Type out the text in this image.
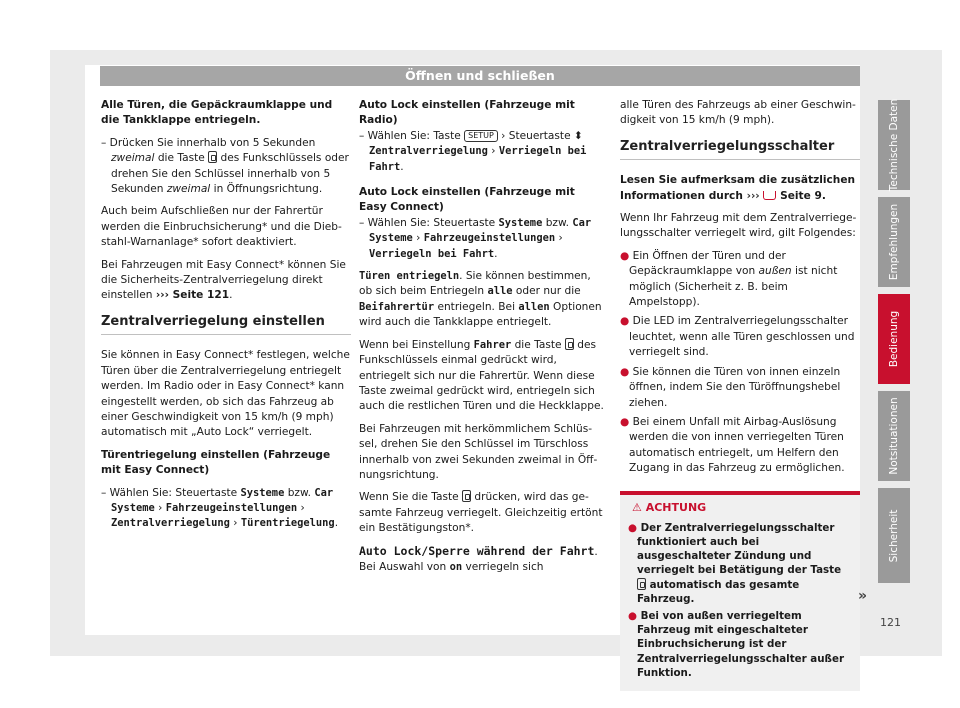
Öffnen und schließen
Alle Türen, die Gepäckraumklappe und die Tankklappe entriegeln.
– Drücken Sie innerhalb von 5 Sekunden zweimal die Taste  des Funkschlüssels oder drehen Sie den Schlüssel innerhalb von 5 Sekunden zweimal in Öffnungsrichtung.
Auch beim Aufschließen nur der Fahrertür werden die Einbruchsicherung* und die Diebstahl-Warnanlage* sofort deaktiviert.
Bei Fahrzeugen mit Easy Connect* können Sie die Sicherheits-Zentralverriegelung direkt einstellen ››› Seite 121.
Zentralverriegelung einstellen
Sie können in Easy Connect* festlegen, welche Türen über die Zentralverriegelung entriegelt werden. Im Radio oder in Easy Connect* kann eingestellt werden, ob sich das Fahrzeug ab einer Geschwindigkeit von 15 km/h (9 mph) automatisch mit „Auto Lock“ verriegelt.
Türentriegelung einstellen (Fahrzeuge mit Easy Connect)
– Wählen Sie: Steuertaste Systeme bzw. Car Systeme › Fahrzeugeinstellungen › Zentralverriegelung › Türentriegelung.
Auto Lock einstellen (Fahrzeuge mit Radio)
– Wählen Sie: Taste SETUP › Steuertaste ⬍ Zentralverriegelung › Verriegeln bei Fahrt.
Auto Lock einstellen (Fahrzeuge mit Easy Connect)
– Wählen Sie: Steuertaste Systeme bzw. Car Systeme › Fahrzeugeinstellungen › Verriegeln bei Fahrt.
Türen entriegeln. Sie können bestimmen, ob sich beim Entriegeln alle oder nur die Beifahrertür entriegeln. Bei allen Optionen wird auch die Tankklappe entriegelt.
Wenn bei Einstellung Fahrer die Taste  des Funkschlüssels einmal gedrückt wird, entriegelt sich nur die Fahrertür. Wenn diese Taste zweimal gedrückt wird, entriegeln sich auch die restlichen Türen und die Heckklappe.
Bei Fahrzeugen mit herkömmlichem Schlüssel, drehen Sie den Schlüssel im Türschloss innerhalb von zwei Sekunden zweimal in Öffnungsrichtung.
Wenn Sie die Taste  drücken, wird das gesamte Fahrzeug verriegelt. Gleichzeitig ertönt ein Bestätigungston*.
Auto Lock/Sperre während der Fahrt. Bei Auswahl von on verriegeln sich
alle Türen des Fahrzeugs ab einer Geschwindigkeit von 15 km/h (9 mph).
Zentralverriegelungsschalter
Lesen Sie aufmerksam die zusätzlichen Informationen durch ›››  Seite 9.
Wenn Ihr Fahrzeug mit dem Zentralverriegelungsschalter verriegelt wird, gilt Folgendes:
● Ein Öffnen der Türen und der Gepäckraumklappe von außen ist nicht möglich (Sicherheit z. B. beim Ampelstopp).
● Die LED im Zentralverriegelungsschalter leuchtet, wenn alle Türen geschlossen und verriegelt sind.
● Sie können die Türen von innen einzeln öffnen, indem Sie den Türöffnungshebel ziehen.
● Bei einem Unfall mit Airbag-Auslösung werden die von innen verriegelten Türen automatisch entriegelt, um Helfern den Zugang in das Fahrzeug zu ermöglichen.
⚠ ACHTUNG
● Der Zentralverriegelungsschalter funktioniert auch bei ausgeschalteter Zündung und verriegelt bei Betätigung der Taste  automatisch das gesamte Fahrzeug.
● Bei von außen verriegeltem Fahrzeug mit eingeschalteter Einbruchsicherung ist der Zentralverriegelungsschalter außer Funktion.
Technische Daten
Empfehlungen
Bedienung
Notsituationen
Sicherheit
»
121
